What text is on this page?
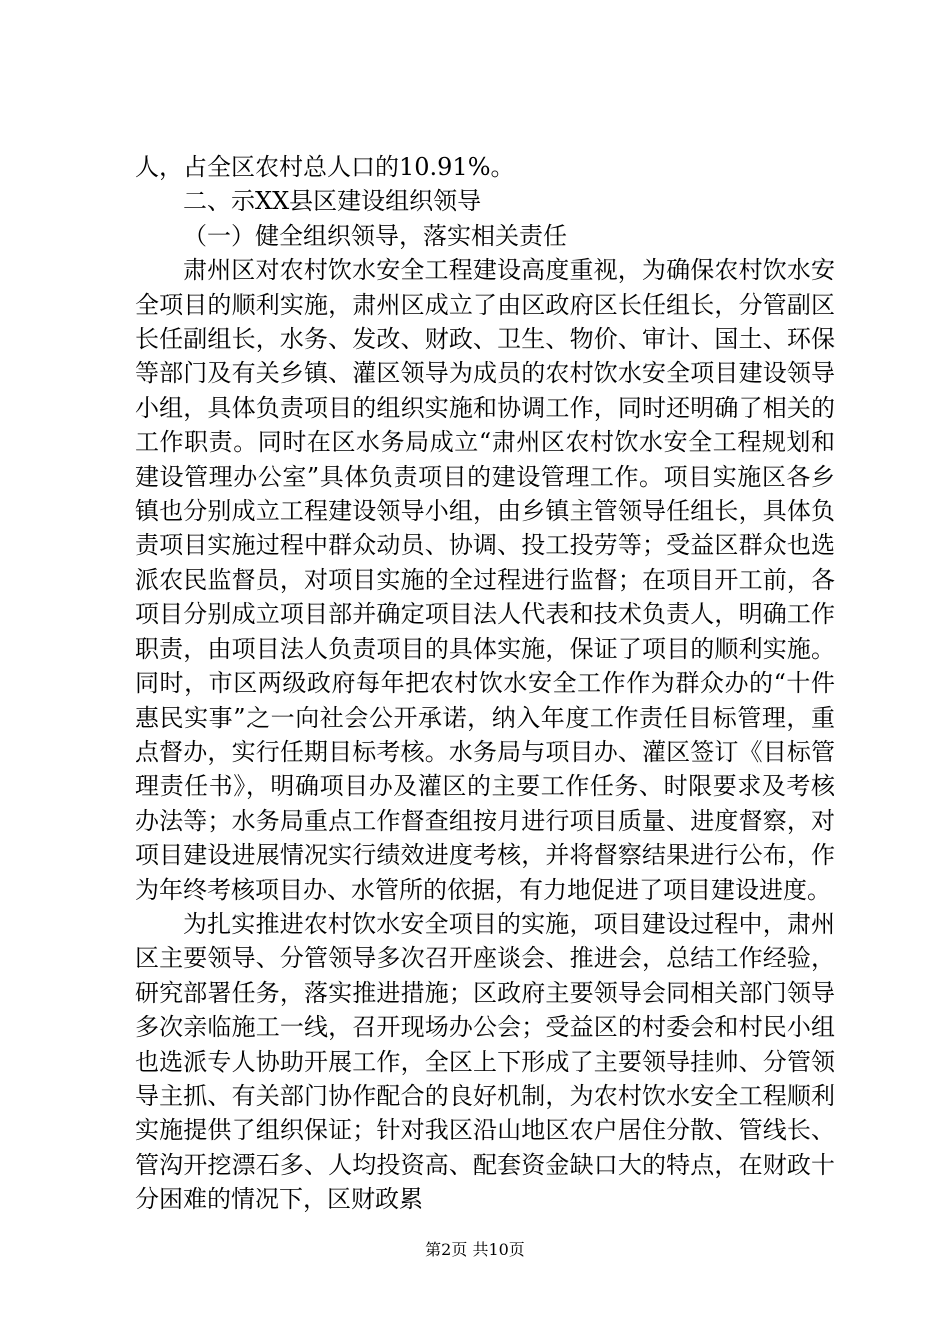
人，占全区农村总人口的10.91%。

二、示XX县区建设组织领导

（一）健全组织领导，落实相关责任

肃州区对农村饮水安全工程建设高度重视，为确保农村饮水安全项目的顺利实施，肃州区成立了由区政府区长任组长，分管副区长任副组长，水务、发改、财政、卫生、物价、审计、国土、环保等部门及有关乡镇、灌区领导为成员的农村饮水安全项目建设领导小组，具体负责项目的组织实施和协调工作，同时还明确了相关的工作职责。同时在区水务局成立“肃州区农村饮水安全工程规划和建设管理办公室”具体负责项目的建设管理工作。项目实施区各乡镇也分别成立工程建设领导小组，由乡镇主管领导任组长，具体负责项目实施过程中群众动员、协调、投工投劳等；受益区群众也选派农民监督员，对项目实施的全过程进行监督；在项目开工前，各项目分别成立项目部并确定项目法人代表和技术负责人，明确工作职责，由项目法人负责项目的具体实施，保证了项目的顺利实施。同时，市区两级政府每年把农村饮水安全工作作为群众办的“十件惠民实事”之一向社会公开承诺，纳入年度工作责任目标管理，重点督办，实行任期目标考核。水务局与项目办、灌区签订《目标管理责任书》，明确项目办及灌区的主要工作任务、时限要求及考核办法等；水务局重点工作督查组按月进行项目质量、进度督察，对项目建设进展情况实行绩效进度考核，并将督察结果进行公布，作为年终考核项目办、水管所的依据，有力地促进了项目建设进度。

为扎实推进农村饮水安全项目的实施，项目建设过程中，肃州区主要领导、分管领导多次召开座谈会、推进会，总结工作经验，研究部署任务，落实推进措施；区政府主要领导会同相关部门领导多次亲临施工一线，召开现场办公会；受益区的村委会和村民小组也选派专人协助开展工作，全区上下形成了主要领导挂帅、分管领导主抓、有关部门协作配合的良好机制，为农村饮水安全工程顺利实施提供了组织保证；针对我区沿山地区农户居住分散、管线长、管沟开挖漂石多、人均投资高、配套资金缺口大的特点，在财政十分困难的情况下，区财政累

第2页 共10页
